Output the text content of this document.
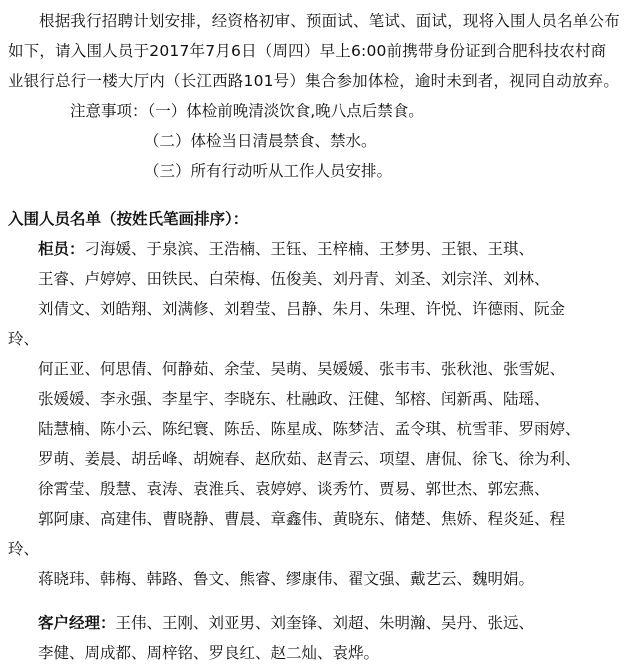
根据我行招聘计划安排，经资格初审、预面试、笔试、面试，现将入围人员名单公布如下，请入围人员于2017年7月6日（周四）早上6:00前携带身份证到合肥科技农村商业银行总行一楼大厅内（长江西路101号）集合参加体检，逾时未到者，视同自动放弃。

注意事项：（一）体检前晚清淡饮食,晚八点后禁食。

（二）体检当日清晨禁食、禁水。

（三）所有行动听从工作人员安排。

入围人员名单（按姓氏笔画排序）：

柜员：刁海媛、于泉滨、王浩楠、王钰、王梓楠、王梦男、王银、王琪、

王睿、卢婷婷、田铁民、白荣梅、伍俊美、刘丹青、刘圣、刘宗洋、刘林、

刘倩文、刘皓翔、刘满修、刘碧莹、吕静、朱月、朱理、许悦、许德雨、阮金

玲、

何正亚、何思倩、何静茹、余莹、吴萌、吴媛媛、张韦韦、张秋池、张雪妮、

张媛媛、李永强、李星宇、李晓东、杜融政、汪健、邹榕、闰新禹、陆瑶、

陆慧楠、陈小云、陈纪寰、陈岳、陈星成、陈梦洁、孟令琪、杭雪菲、罗雨婷、

罗萌、姜晨、胡岳峰、胡婉春、赵欣茹、赵青云、项望、唐侃、徐飞、徐为利、

徐霄莹、殷慧、袁涛、袁淮兵、袁婷婷、谈秀竹、贾易、郭世杰、郭宏燕、

郭阿康、高建伟、曹晓静、曹晨、章鑫伟、黄晓东、储楚、焦娇、程炎延、程

玲、

蒋晓玮、韩梅、韩路、鲁文、熊睿、缪康伟、翟文强、戴艺云、魏明娟。

客户经理：王伟、王刚、刘亚男、刘奎锋、刘超、朱明瀚、吴丹、张远、

李健、周成都、周梓铭、罗良红、赵二灿、袁烨。
